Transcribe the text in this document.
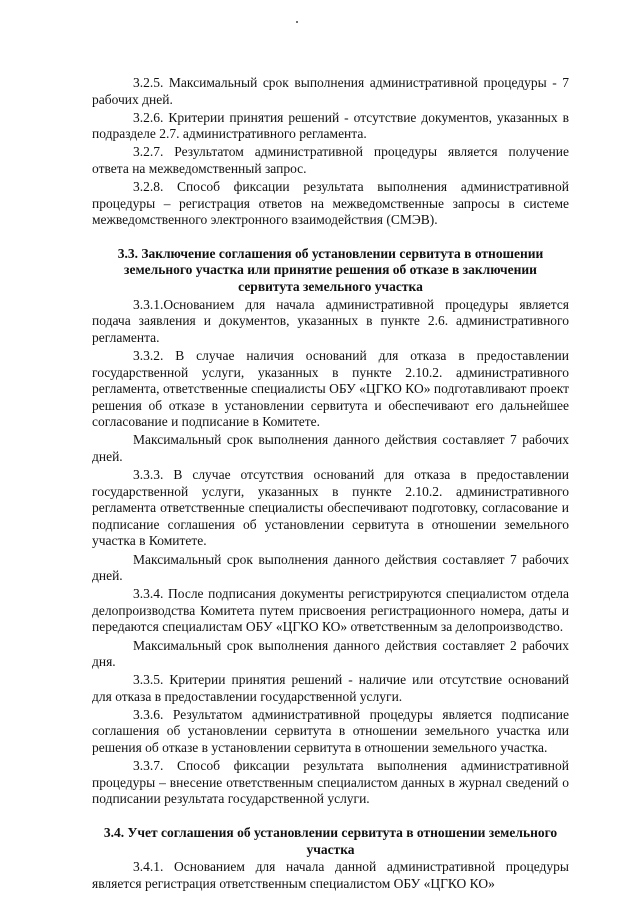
3.2.5. Максимальный срок выполнения административной процедуры - 7 рабочих дней.

3.2.6. Критерии принятия решений - отсутствие документов, указанных в подразделе 2.7. административного регламента.

3.2.7. Результатом административной процедуры является получение ответа на межведомственный запрос.

3.2.8. Способ фиксации результата выполнения административной процедуры – регистрация ответов на межведомственные запросы в системе межведомственного электронного взаимодействия (СМЭВ).

3.3. Заключение соглашения об установлении сервитута в отношении земельного участка или принятие решения об отказе в заключении сервитута земельного участка

3.3.1.Основанием для начала административной процедуры является подача заявления и документов, указанных в пункте 2.6. административного регламента.

3.3.2. В случае наличия оснований для отказа в предоставлении государственной услуги, указанных в пункте 2.10.2. административного регламента, ответственные специалисты ОБУ «ЦГКО КО» подготавливают проект решения об отказе в установлении сервитута и обеспечивают его дальнейшее согласование и подписание в Комитете.

Максимальный срок выполнения данного действия составляет 7 рабочих дней.

3.3.3. В случае отсутствия оснований для отказа в предоставлении государственной услуги, указанных в пункте 2.10.2. административного регламента ответственные специалисты обеспечивают подготовку, согласование и подписание соглашения об установлении сервитута в отношении земельного участка в Комитете.

Максимальный срок выполнения данного действия составляет 7 рабочих дней.

3.3.4. После подписания документы регистрируются специалистом отдела делопроизводства Комитета путем присвоения регистрационного номера, даты и передаются специалистам ОБУ «ЦГКО КО» ответственным за делопроизводство.

Максимальный срок выполнения данного действия составляет 2 рабочих дня.

3.3.5. Критерии принятия решений - наличие или отсутствие оснований для отказа в предоставлении государственной услуги.

3.3.6. Результатом административной процедуры является подписание соглашения об установлении сервитута в отношении земельного участка или решения об отказе в установлении сервитута в отношении земельного участка.

3.3.7. Способ фиксации результата выполнения административной процедуры – внесение ответственным специалистом данных в журнал сведений о подписании результата государственной услуги.

3.4. Учет соглашения об установлении сервитута в отношении земельного участка

3.4.1. Основанием для начала данной административной процедуры является регистрация ответственным специалистом ОБУ «ЦГКО КО»
